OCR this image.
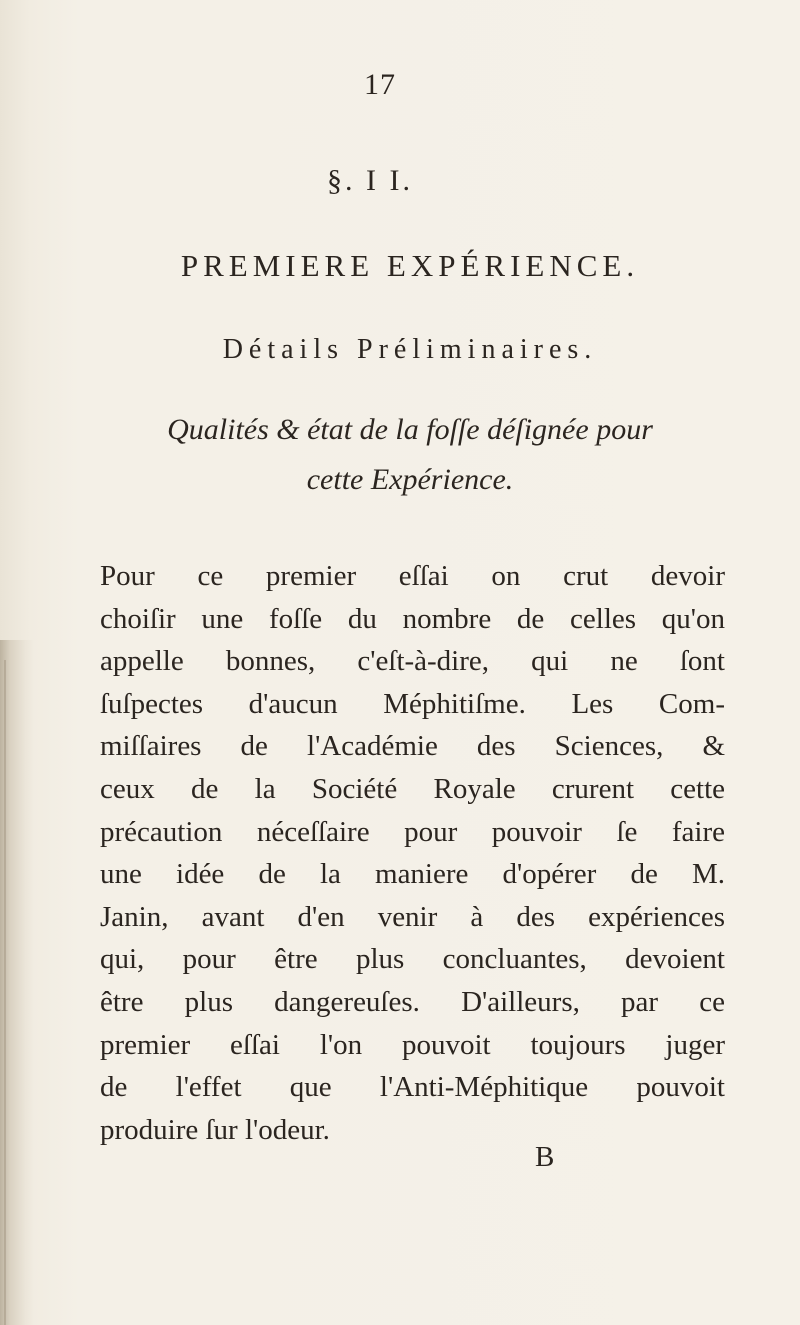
17
§. I I.
PREMIERE EXPÉRIENCE.
Détails Préliminaires.
Qualités & état de la foſſe déſignée pour
cette Expérience.
Pour ce premier eſſai on crut devoir
choiſir une foſſe du nombre de celles qu'on
appelle bonnes, c'eſt-à-dire, qui ne ſont
ſuſpectes d'aucun Méphitiſme. Les Com-
miſſaires de l'Académie des Sciences, &
ceux de la Société Royale crurent cette
précaution néceſſaire pour pouvoir ſe faire
une idée de la maniere d'opérer de M.
Janin, avant d'en venir à des expériences
qui, pour être plus concluantes, devoient
être plus dangereuſes. D'ailleurs, par ce
premier eſſai l'on pouvoit toujours juger
de l'effet que l'Anti-Méphitique pouvoit
produire ſur l'odeur.
B
